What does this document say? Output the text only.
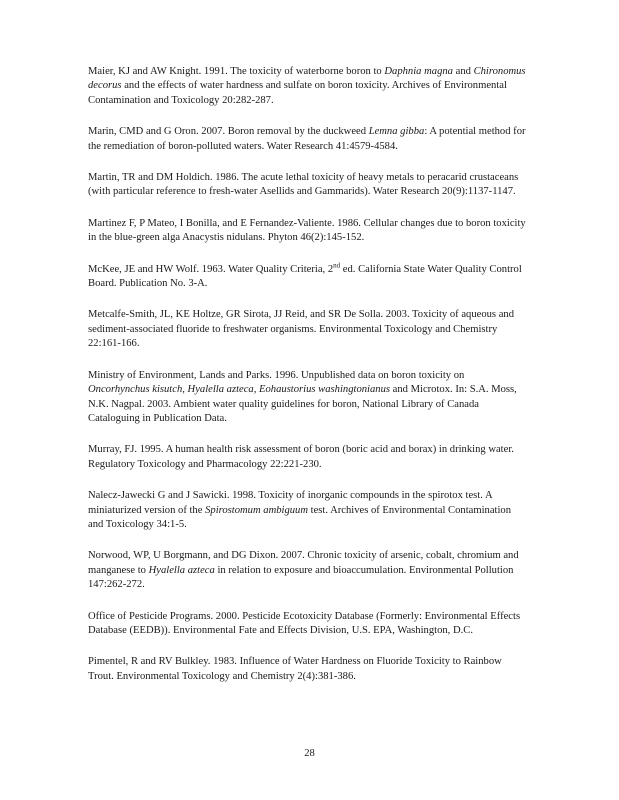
Maier, KJ and AW Knight. 1991. The toxicity of waterborne boron to Daphnia magna and Chironomus decorus and the effects of water hardness and sulfate on boron toxicity. Archives of Environmental Contamination and Toxicology 20:282-287.

Marin, CMD and G Oron. 2007. Boron removal by the duckweed Lemna gibba: A potential method for the remediation of boron-polluted waters. Water Research 41:4579-4584.

Martin, TR and DM Holdich. 1986. The acute lethal toxicity of heavy metals to peracarid crustaceans (with particular reference to fresh-water Asellids and Gammarids). Water Research 20(9):1137-1147.

Martinez F, P Mateo, I Bonilla, and E Fernandez-Valiente. 1986. Cellular changes due to boron toxicity in the blue-green alga Anacystis nidulans. Phyton 46(2):145-152.

McKee, JE and HW Wolf. 1963. Water Quality Criteria, 2nd ed. California State Water Quality Control Board. Publication No. 3-A.

Metcalfe-Smith, JL, KE Holtze, GR Sirota, JJ Reid, and SR De Solla. 2003. Toxicity of aqueous and sediment-associated fluoride to freshwater organisms. Environmental Toxicology and Chemistry 22:161-166.

Ministry of Environment, Lands and Parks. 1996. Unpublished data on boron toxicity on Oncorhynchus kisutch, Hyalella azteca, Eohaustorius washingtonianus and Microtox. In: S.A. Moss, N.K. Nagpal. 2003. Ambient water quality guidelines for boron, National Library of Canada Cataloguing in Publication Data.

Murray, FJ. 1995. A human health risk assessment of boron (boric acid and borax) in drinking water. Regulatory Toxicology and Pharmacology 22:221-230.

Nalecz-Jawecki G and J Sawicki. 1998. Toxicity of inorganic compounds in the spirotox test. A miniaturized version of the Spirostomum ambiguum test. Archives of Environmental Contamination and Toxicology 34:1-5.

Norwood, WP, U Borgmann, and DG Dixon. 2007. Chronic toxicity of arsenic, cobalt, chromium and manganese to Hyalella azteca in relation to exposure and bioaccumulation. Environmental Pollution 147:262-272.

Office of Pesticide Programs. 2000. Pesticide Ecotoxicity Database (Formerly: Environmental Effects Database (EEDB)). Environmental Fate and Effects Division, U.S. EPA, Washington, D.C.

Pimentel, R and RV Bulkley. 1983. Influence of Water Hardness on Fluoride Toxicity to Rainbow Trout. Environmental Toxicology and Chemistry 2(4):381-386.

28
